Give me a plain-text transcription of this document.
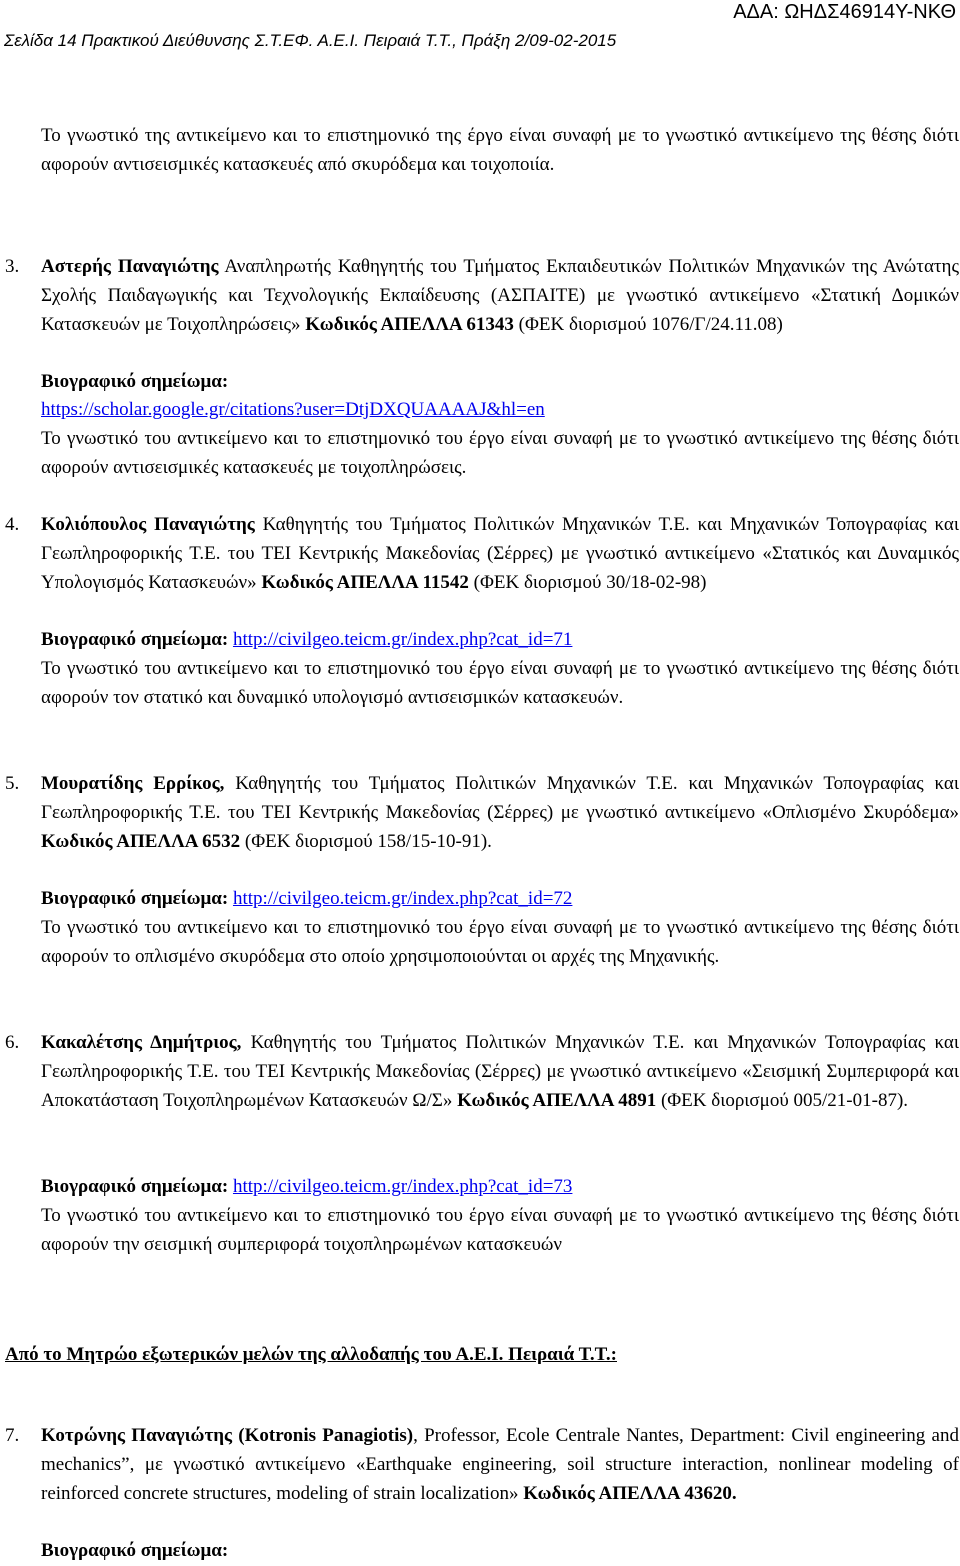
ΑΔΑ: ΩΗΔΣ46914Υ-ΝΚΘ
Σελίδα 14 Πρακτικού Διεύθυνσης Σ.Τ.ΕΦ. Α.Ε.Ι. Πειραιά Τ.Τ., Πράξη 2/09-02-2015

Το γνωστικό της αντικείμενο και το επιστημονικό της έργο είναι συναφή με το γνωστικό αντικείμενο της θέσης διότι αφορούν αντισεισμικές κατασκευές από σκυρόδεμα και τοιχοποιία.

3. Αστερής Παναγιώτης Αναπληρωτής Καθηγητής του Τμήματος Εκπαιδευτικών Πολιτικών Μηχανικών της Ανώτατης Σχολής Παιδαγωγικής και Τεχνολογικής Εκπαίδευσης (ΑΣΠΑΙΤΕ) με γνωστικό αντικείμενο «Στατική Δομικών Κατασκευών με Τοιχοπληρώσεις» Κωδικός ΑΠΕΛΛΑ 61343 (ΦΕΚ διορισμού 1076/Γ/24.11.08)

Βιογραφικό σημείωμα:
https://scholar.google.gr/citations?user=DtjDXQUAAAAJ&hl=en

Το γνωστικό του αντικείμενο και το επιστημονικό του έργο είναι συναφή με το γνωστικό αντικείμενο της θέσης διότι αφορούν αντισεισμικές κατασκευές με τοιχοπληρώσεις.

4. Κολιόπουλος Παναγιώτης Καθηγητής του Τμήματος Πολιτικών Μηχανικών Τ.Ε. και Μηχανικών Τοπογραφίας και Γεωπληροφορικής Τ.Ε. του ΤΕΙ Κεντρικής Μακεδονίας (Σέρρες) με γνωστικό αντικείμενο «Στατικός και Δυναμικός Υπολογισμός Κατασκευών» Κωδικός ΑΠΕΛΛΑ 11542 (ΦΕΚ διορισμού 30/18-02-98)

Βιογραφικό σημείωμα: http://civilgeo.teicm.gr/index.php?cat_id=71

Το γνωστικό του αντικείμενο και το επιστημονικό του έργο είναι συναφή με το γνωστικό αντικείμενο της θέσης διότι αφορούν τον στατικό και δυναμικό υπολογισμό αντισεισμικών κατασκευών.

5. Μουρατίδης Ερρίκος, Καθηγητής του Τμήματος Πολιτικών Μηχανικών Τ.Ε. και Μηχανικών Τοπογραφίας και Γεωπληροφορικής Τ.Ε. του ΤΕΙ Κεντρικής Μακεδονίας (Σέρρες) με γνωστικό αντικείμενο «Οπλισμένο Σκυρόδεμα» Κωδικός ΑΠΕΛΛΑ 6532 (ΦΕΚ διορισμού 158/15-10-91).

Βιογραφικό σημείωμα: http://civilgeo.teicm.gr/index.php?cat_id=72

Το γνωστικό του αντικείμενο και το επιστημονικό του έργο είναι συναφή με το γνωστικό αντικείμενο της θέσης διότι αφορούν το οπλισμένο σκυρόδεμα στο οποίο χρησιμοποιούνται οι αρχές της Μηχανικής.

6. Κακαλέτσης Δημήτριος, Καθηγητής του Τμήματος Πολιτικών Μηχανικών Τ.Ε. και Μηχανικών Τοπογραφίας και Γεωπληροφορικής Τ.Ε. του ΤΕΙ Κεντρικής Μακεδονίας (Σέρρες) με γνωστικό αντικείμενο «Σεισμική Συμπεριφορά και Αποκατάσταση Τοιχοπληρωμένων Κατασκευών Ω/Σ» Κωδικός ΑΠΕΛΛΑ 4891 (ΦΕΚ διορισμού 005/21-01-87).

Βιογραφικό σημείωμα: http://civilgeo.teicm.gr/index.php?cat_id=73

Το γνωστικό του αντικείμενο και το επιστημονικό του έργο είναι συναφή με το γνωστικό αντικείμενο της θέσης διότι αφορούν την σεισμική συμπεριφορά τοιχοπληρωμένων κατασκευών

Από το Μητρώο εξωτερικών μελών της αλλοδαπής του Α.Ε.Ι. Πειραιά Τ.Τ.:
7. Κοτρώνης Παναγιώτης (Kotronis Panagiotis), Professor, Ecole Centrale Nantes, Department: Civil engineering and mechanics”, με γνωστικό αντικείμενο «Earthquake engineering, soil structure interaction, nonlinear modeling of reinforced concrete structures, modeling of strain localization» Κωδικός ΑΠΕΛΛΑ 43620.

Βιογραφικό σημείωμα:
